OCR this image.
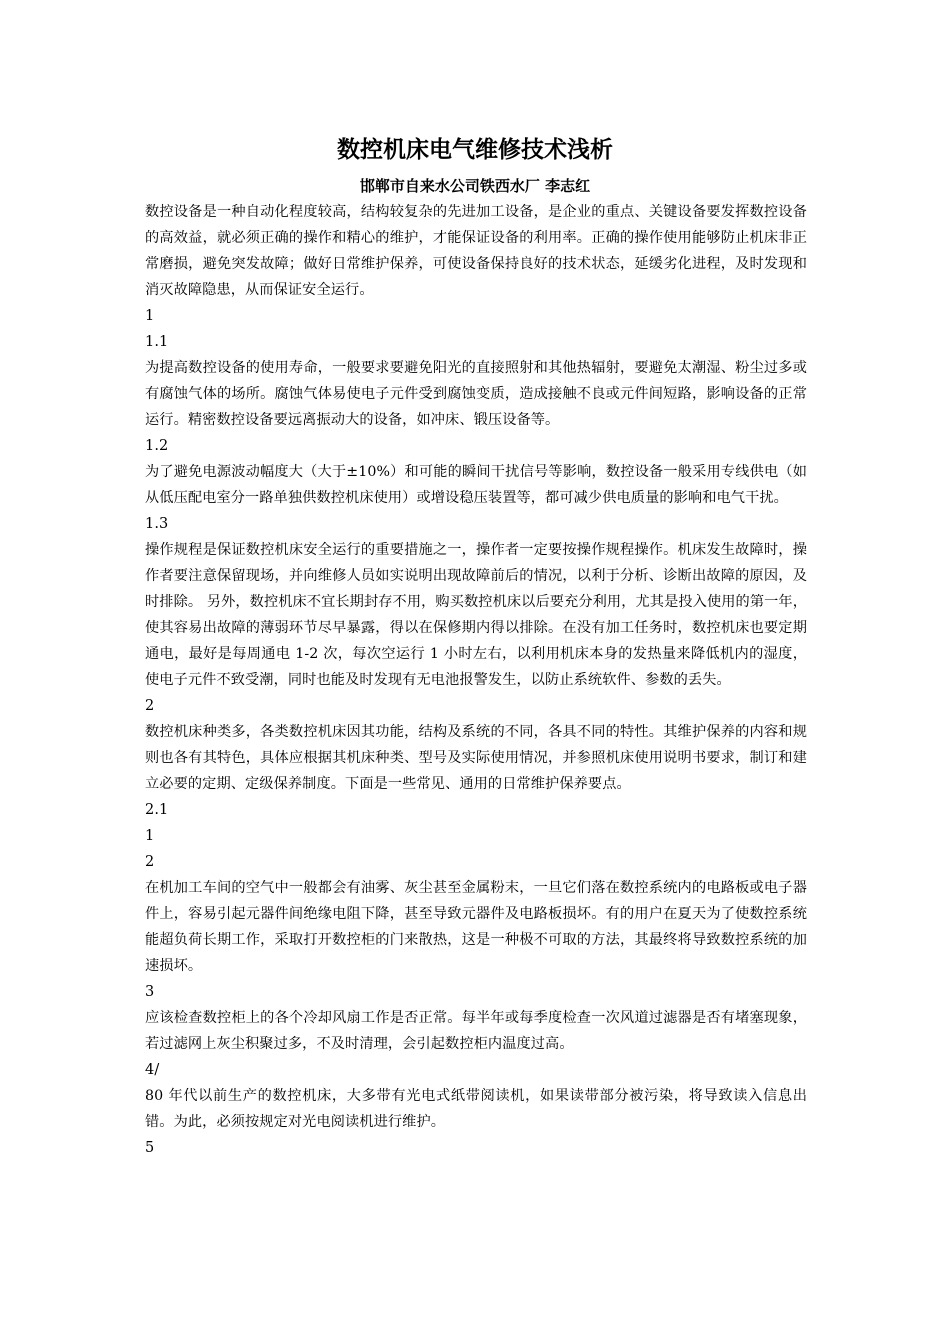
数控机床电气维修技术浅析
邯郸市自来水公司铁西水厂 李志红

数控设备是一种自动化程度较高，结构较复杂的先进加工设备，是企业的重点、关键设备要发挥数控设备的高效益，就必须正确的操作和精心的维护，才能保证设备的利用率。正确的操作使用能够防止机床非正常磨损，避免突发故障；做好日常维护保养，可使设备保持良好的技术状态，延缓劣化进程，及时发现和消灭故障隐患，从而保证安全运行。

1

1.1

为提高数控设备的使用寿命，一般要求要避免阳光的直接照射和其他热辐射，要避免太潮湿、粉尘过多或有腐蚀气体的场所。腐蚀气体易使电子元件受到腐蚀变质，造成接触不良或元件间短路，影响设备的正常运行。精密数控设备要远离振动大的设备，如冲床、锻压设备等。

1.2

为了避免电源波动幅度大（大于±10%）和可能的瞬间干扰信号等影响，数控设备一般采用专线供电（如从低压配电室分一路单独供数控机床使用）或增设稳压装置等，都可减少供电质量的影响和电气干扰。

1.3

操作规程是保证数控机床安全运行的重要措施之一，操作者一定要按操作规程操作。机床发生故障时，操作者要注意保留现场，并向维修人员如实说明出现故障前后的情况，以利于分析、诊断出故障的原因，及时排除。 另外，数控机床不宜长期封存不用，购买数控机床以后要充分利用，尤其是投入使用的第一年，使其容易出故障的薄弱环节尽早暴露，得以在保修期内得以排除。在没有加工任务时，数控机床也要定期通电，最好是每周通电 1-2 次，每次空运行 1 小时左右，以利用机床本身的发热量来降低机内的湿度，使电子元件不致受潮，同时也能及时发现有无电池报警发生，以防止系统软件、参数的丢失。

2

数控机床种类多，各类数控机床因其功能，结构及系统的不同，各具不同的特性。其维护保养的内容和规则也各有其特色，具体应根据其机床种类、型号及实际使用情况，并参照机床使用说明书要求，制订和建立必要的定期、定级保养制度。下面是一些常见、通用的日常维护保养要点。

2.1

1

2

在机加工车间的空气中一般都会有油雾、灰尘甚至金属粉末，一旦它们落在数控系统内的电路板或电子器件上，容易引起元器件间绝缘电阻下降，甚至导致元器件及电路板损坏。有的用户在夏天为了使数控系统能超负荷长期工作，采取打开数控柜的门来散热，这是一种极不可取的方法，其最终将导致数控系统的加速损坏。

3

应该检查数控柜上的各个冷却风扇工作是否正常。每半年或每季度检查一次风道过滤器是否有堵塞现象，若过滤网上灰尘积聚过多，不及时清理，会引起数控柜内温度过高。

4/

80 年代以前生产的数控机床，大多带有光电式纸带阅读机，如果读带部分被污染，将导致读入信息出错。为此，必须按规定对光电阅读机进行维护。

5
